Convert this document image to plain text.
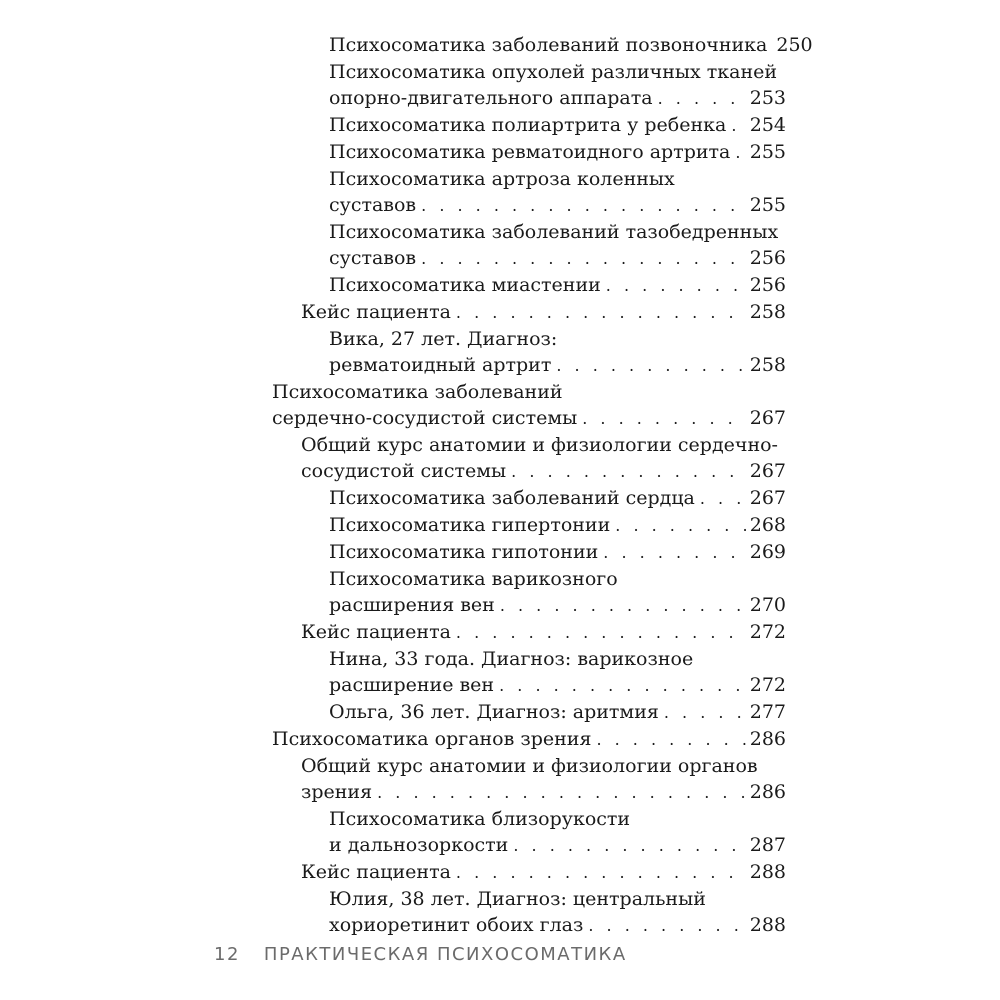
Психосоматика заболеваний позвоночника 250
Психосоматика опухолей различных тканей
опорно-двигательного аппарата . . .	253
Психосоматика полиартрита у ребенка . . . 254
Психосоматика ревматоидного артрита . . . 255
Психосоматика артроза коленных
суставов . . .	255
Психосоматика заболеваний тазобедренных
суставов . . .	256
Психосоматика миастении . . .	256
Кейс пациента . . .	258
Вика, 27 лет. Диагноз:
ревматоидный артрит . . .	258
Психосоматика заболеваний
сердечно-сосудистой системы . . .	267
Общий курс анатомии и физиологии сердечно-
сосудистой системы . . .	267
Психосоматика заболеваний сердца . . .	267
Психосоматика гипертонии . . .	268
Психосоматика гипотонии . . .	269
Психосоматика варикозного
расширения вен . . .	270
Кейс пациента . . .	272
Нина, 33 года. Диагноз: варикозное
расширение вен . . .	272
Ольга, 36 лет. Диагноз: аритмия . . .	277
Психосоматика органов зрения . . .	286
Общий курс анатомии и физиологии органов
зрения . . .	286
Психосоматика близорукости
и дальнозоркости . . .	287
Кейс пациента . . .	288
Юлия, 38 лет. Диагноз: центральный
хориоретинит обоих глаз . . .	288
12 ПРАКТИЧЕСКАЯ ПСИХОСОМАТИКА
